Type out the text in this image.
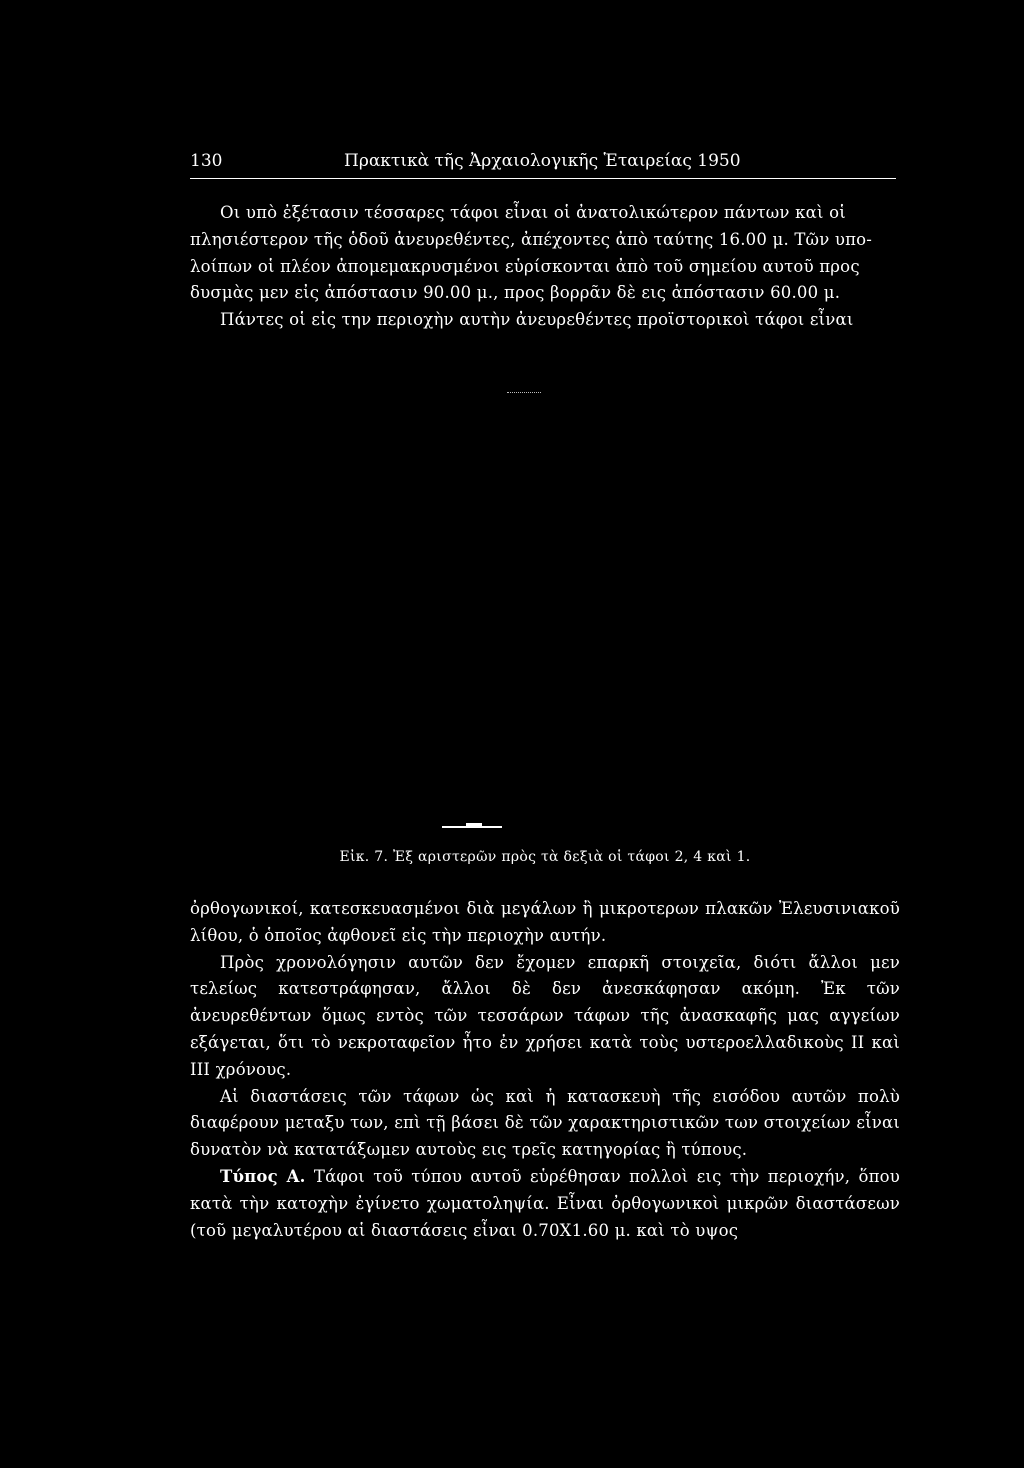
130	Πρακτικὰ τῆς Ἀρχαιολογικῆς Ἑταιρείας 1950
Οι υπὸ ἐξέτασιν τέσσαρες τάφοι εἶναι οἱ ἀνατολικώτερον πάντων καὶ οἱ
πλησιέστερον τῆς ὁδοῦ ἀνευρεθέντες, ἀπέχοντες ἀπὸ ταύτης 16.00 μ. Τῶν υπο-
λοίπων οἱ πλέον ἀπομεμακρυσμένοι εὑρίσκονται ἀπὸ τοῦ σημείου αυτοῦ προς
δυσμὰς μεν εἰς ἀπόστασιν 90.00 μ., προς βορρᾶν δὲ εις ἀπόστασιν 60.00 μ.
Πάντες οἱ εἰς την περιοχὴν αυτὴν ἀνευρεθέντες προϊστορικοὶ τάφοι εἶναι
Εἰκ. 7. Ἐξ αριστερῶν πρὸς τὰ δεξιὰ οἱ τάφοι 2, 4 καὶ 1.

ὀρθογωνικοί, κατεσκευασμένοι διὰ μεγάλων ἢ μικροτερων πλακῶν Ἐλευσινιακοῦ λίθου, ὁ ὁποῖος ἀφθονεῖ εἰς τὴν περιοχὴν αυτήν.

Πρὸς χρονολόγησιν αυτῶν δεν ἔχομεν επαρκῆ στοιχεῖα, διότι ἄλλοι μεν τελείως κατεστράφησαν, ἄλλοι δὲ δεν ἀνεσκάφησαν ακόμη. Ἐκ τῶν ἀνευρεθέντων ὅμως εντὸς τῶν τεσσάρων τάφων τῆς ἀνασκαφῆς μας αγγείων εξάγεται, ὅτι τὸ νεκροταφεῖον ἦτο ἐν χρήσει κατὰ τοὺς υστεροελλαδικοὺς II καὶ III χρόνους.

Αἱ διαστάσεις τῶν τάφων ὡς καὶ ἡ κατασκευὴ τῆς εισόδου αυτῶν πολὺ διαφέρουν μεταξυ των, επὶ τῇ βάσει δὲ τῶν χαρακτηριστικῶν των στοιχείων εἶναι δυνατὸν νὰ κατατάξωμεν αυτοὺς εις τρεῖς κατηγορίας ἢ τύπους.

Τύπος Α. Τάφοι τοῦ τύπου αυτοῦ εὑρέθησαν πολλοὶ εις τὴν περιοχήν, ὅπου κατὰ τὴν κατοχὴν ἐγίνετο χωματοληψία. Εἶναι ὀρθογωνικοὶ μικρῶν διαστάσεων (τοῦ μεγαλυτέρου αἱ διαστάσεις εἶναι 0.70Χ1.60 μ. καὶ τὸ υψος
